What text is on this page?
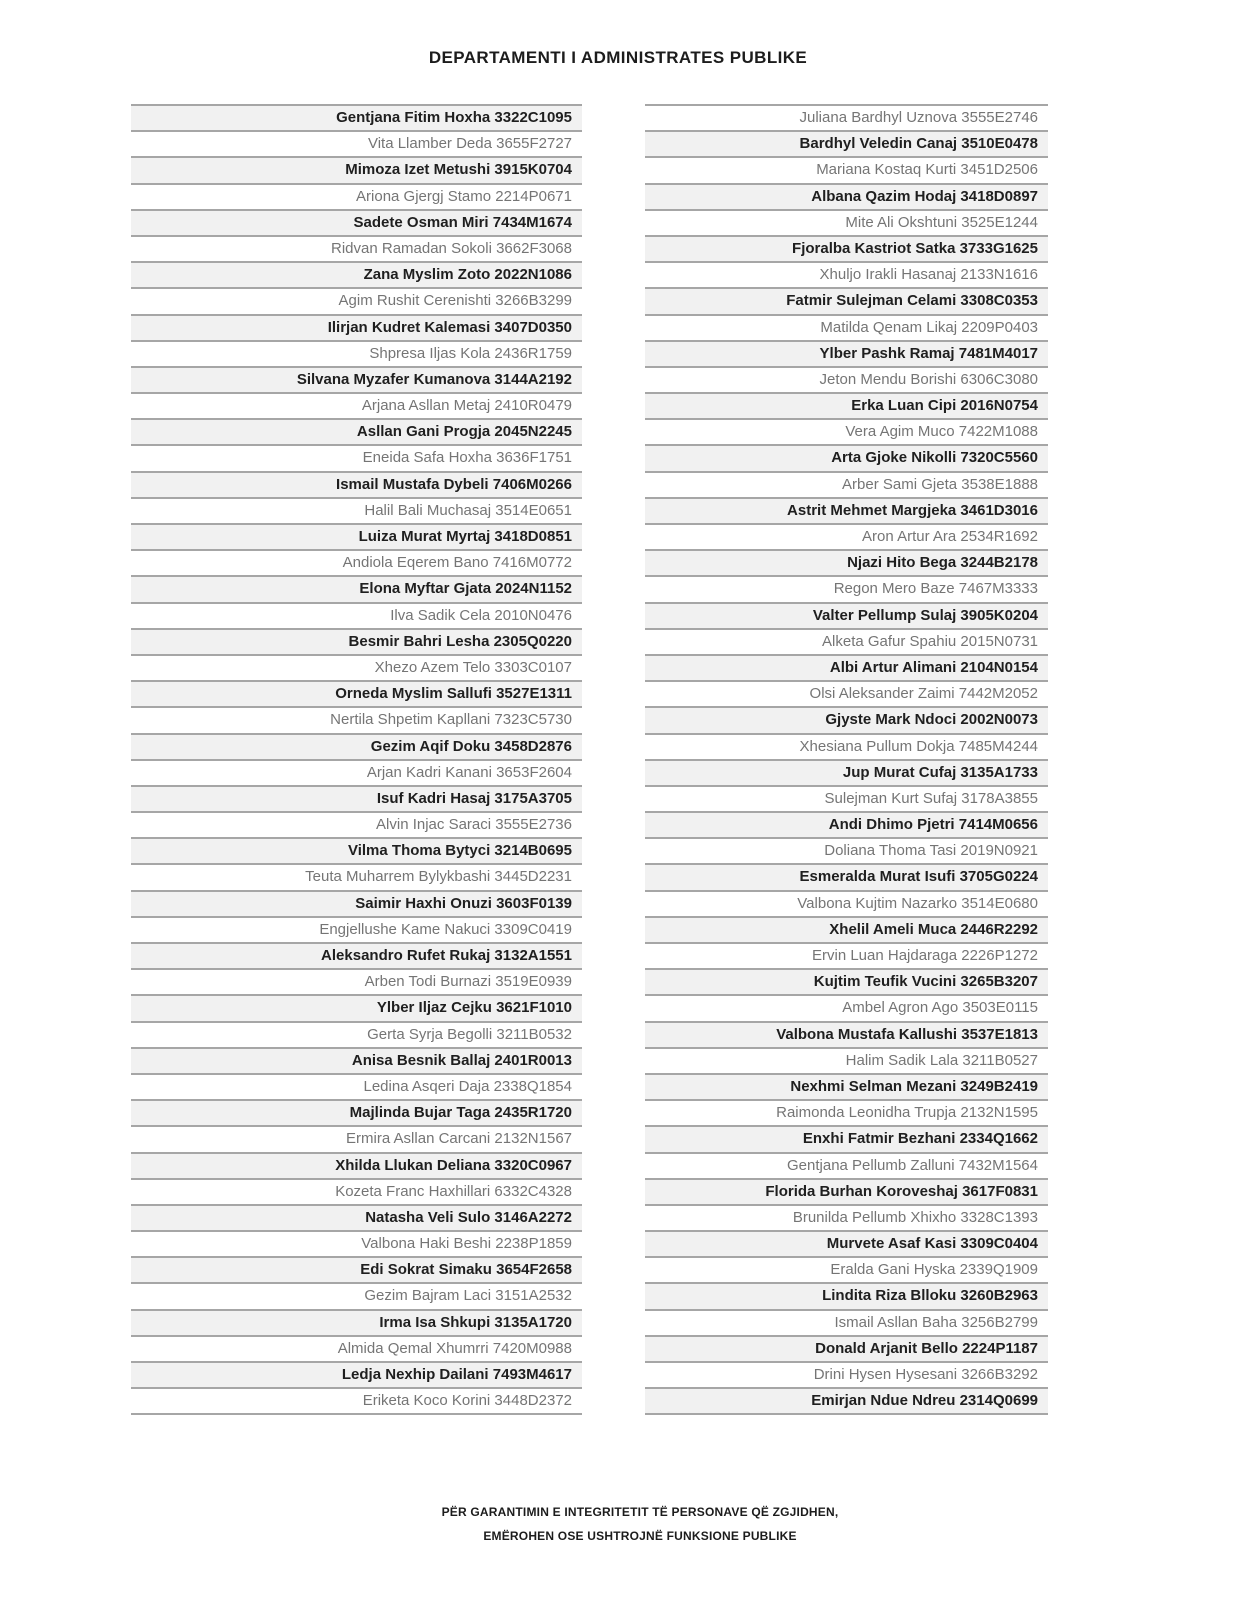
DEPARTAMENTI I ADMINISTRATES PUBLIKE
Gentjana Fitim Hoxha 3322C1095
Vita Llamber Deda 3655F2727
Mimoza Izet Metushi 3915K0704
Ariona Gjergj Stamo 2214P0671
Sadete Osman Miri 7434M1674
Ridvan Ramadan Sokoli 3662F3068
Zana Myslim Zoto 2022N1086
Agim Rushit Cerenishti 3266B3299
Ilirjan Kudret Kalemasi 3407D0350
Shpresa Iljas Kola 2436R1759
Silvana Myzafer Kumanova 3144A2192
Arjana Asllan Metaj 2410R0479
Asllan Gani Progja 2045N2245
Eneida Safa Hoxha 3636F1751
Ismail Mustafa Dybeli 7406M0266
Halil Bali Muchasaj 3514E0651
Luiza Murat Myrtaj 3418D0851
Andiola Eqerem Bano 7416M0772
Elona Myftar Gjata 2024N1152
Ilva Sadik Cela 2010N0476
Besmir Bahri Lesha 2305Q0220
Xhezo Azem Telo 3303C0107
Orneda Myslim Sallufi 3527E1311
Nertila Shpetim Kapllani 7323C5730
Gezim Aqif Doku 3458D2876
Arjan Kadri Kanani 3653F2604
Isuf Kadri Hasaj 3175A3705
Alvin Injac Saraci 3555E2736
Vilma Thoma Bytyci 3214B0695
Teuta Muharrem Bylykbashi 3445D2231
Saimir Haxhi Onuzi 3603F0139
Engjellushe Kame Nakuci 3309C0419
Aleksandro Rufet Rukaj 3132A1551
Arben Todi Burnazi 3519E0939
Ylber Iljaz Cejku 3621F1010
Gerta Syrja Begolli 3211B0532
Anisa Besnik Ballaj 2401R0013
Ledina Asqeri Daja 2338Q1854
Majlinda Bujar Taga 2435R1720
Ermira Asllan Carcani 2132N1567
Xhilda Llukan Deliana 3320C0967
Kozeta Franc Haxhillari 6332C4328
Natasha Veli Sulo 3146A2272
Valbona Haki Beshi 2238P1859
Edi Sokrat Simaku 3654F2658
Gezim Bajram Laci 3151A2532
Irma Isa Shkupi 3135A1720
Almida Qemal Xhumrri 7420M0988
Ledja Nexhip Dailani 7493M4617
Eriketa Koco Korini 3448D2372
Juliana Bardhyl Uznova 3555E2746
Bardhyl Veledin Canaj 3510E0478
Mariana Kostaq Kurti 3451D2506
Albana Qazim Hodaj 3418D0897
Mite Ali Okshtuni 3525E1244
Fjoralba Kastriot Satka 3733G1625
Xhuljo Irakli Hasanaj 2133N1616
Fatmir Sulejman Celami 3308C0353
Matilda Qenam Likaj 2209P0403
Ylber Pashk Ramaj 7481M4017
Jeton Mendu Borishi 6306C3080
Erka Luan Cipi 2016N0754
Vera Agim Muco 7422M1088
Arta Gjoke Nikolli 7320C5560
Arber Sami Gjeta 3538E1888
Astrit Mehmet Margjeka 3461D3016
Aron Artur Ara 2534R1692
Njazi Hito Bega 3244B2178
Regon Mero Baze 7467M3333
Valter Pellump Sulaj 3905K0204
Alketa Gafur Spahiu 2015N0731
Albi Artur Alimani 2104N0154
Olsi Aleksander Zaimi 7442M2052
Gjyste Mark Ndoci 2002N0073
Xhesiana Pullum Dokja 7485M4244
Jup Murat Cufaj 3135A1733
Sulejman Kurt Sufaj 3178A3855
Andi Dhimo Pjetri 7414M0656
Doliana Thoma Tasi 2019N0921
Esmeralda Murat Isufi 3705G0224
Valbona Kujtim Nazarko 3514E0680
Xhelil Ameli Muca 2446R2292
Ervin Luan Hajdaraga 2226P1272
Kujtim Teufik Vucini 3265B3207
Ambel Agron Ago 3503E0115
Valbona Mustafa Kallushi 3537E1813
Halim Sadik Lala 3211B0527
Nexhmi Selman Mezani 3249B2419
Raimonda Leonidha Trupja 2132N1595
Enxhi Fatmir Bezhani 2334Q1662
Gentjana Pellumb Zalluni 7432M1564
Florida Burhan Koroveshaj 3617F0831
Brunilda Pellumb Xhixho 3328C1393
Murvete Asaf Kasi 3309C0404
Eralda Gani Hyska 2339Q1909
Lindita Riza Blloku 3260B2963
Ismail Asllan Baha 3256B2799
Donald Arjanit Bello 2224P1187
Drini Hysen Hysesani 3266B3292
Emirjan Ndue Ndreu 2314Q0699
PËR GARANTIMIN E INTEGRITETIT TË PERSONAVE QË ZGJIDHEN,
EMËROHEN OSE USHTROJNË FUNKSIONE PUBLIKE
